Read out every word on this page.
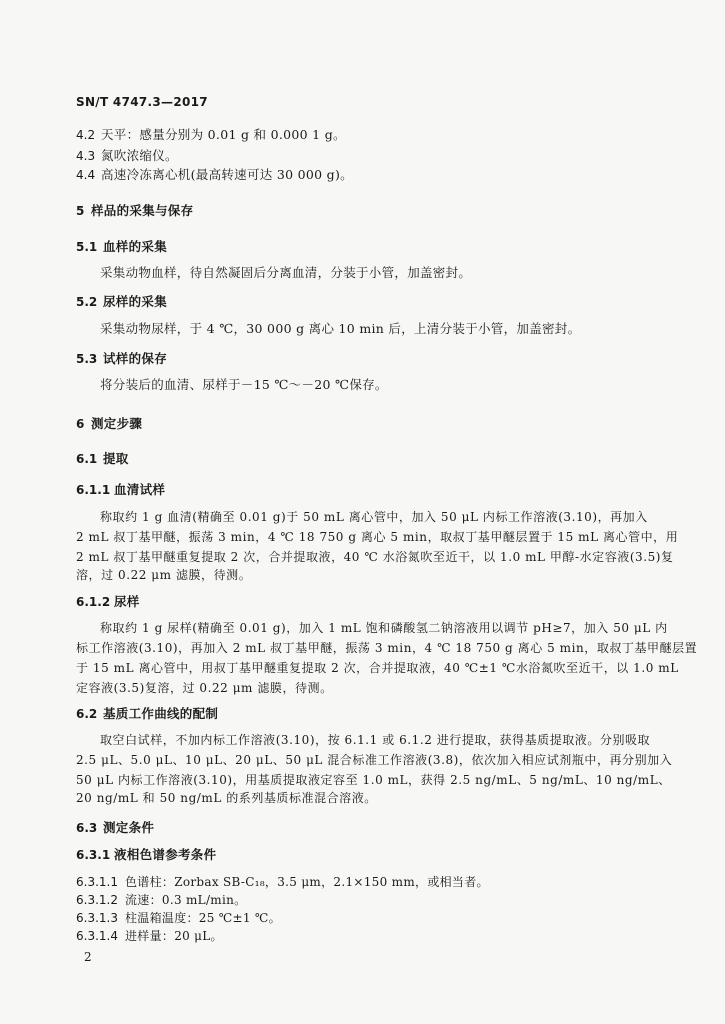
SN/T 4747.3—2017
4.2 天平：感量分别为 0.01 g 和 0.000 1 g。
4.3 氮吹浓缩仪。
4.4 高速冷冻离心机(最高转速可达 30 000 g)。
5 样品的采集与保存
5.1 血样的采集
采集动物血样，待自然凝固后分离血清，分装于小管，加盖密封。
5.2 尿样的采集
采集动物尿样，于 4 ℃，30 000 g 离心 10 min 后，上清分装于小管，加盖密封。
5.3 试样的保存
将分装后的血清、尿样于－15 ℃～－20 ℃保存。
6 测定步骤
6.1 提取
6.1.1 血清试样
称取约 1 g 血清(精确至 0.01 g)于 50 mL 离心管中，加入 50 μL 内标工作溶液(3.10)，再加入
2 mL 叔丁基甲醚，振荡 3 min，4 ℃ 18 750 g 离心 5 min，取叔丁基甲醚层置于 15 mL 离心管中，用
2 mL 叔丁基甲醚重复提取 2 次，合并提取液，40 ℃ 水浴氮吹至近干，以 1.0 mL 甲醇-水定容液(3.5)复
溶，过 0.22 μm 滤膜，待测。
6.1.2 尿样
称取约 1 g 尿样(精确至 0.01 g)，加入 1 mL 饱和磷酸氢二钠溶液用以调节 pH≥7，加入 50 μL 内
标工作溶液(3.10)，再加入 2 mL 叔丁基甲醚，振荡 3 min，4 ℃ 18 750 g 离心 5 min，取叔丁基甲醚层置
于 15 mL 离心管中，用叔丁基甲醚重复提取 2 次，合并提取液，40 ℃±1 ℃水浴氮吹至近干，以 1.0 mL
定容液(3.5)复溶，过 0.22 μm 滤膜，待测。
6.2 基质工作曲线的配制
取空白试样，不加内标工作溶液(3.10)，按 6.1.1 或 6.1.2 进行提取，获得基质提取液。分别吸取
2.5 μL、5.0 μL、10 μL、20 μL、50 μL 混合标准工作溶液(3.8)，依次加入相应试剂瓶中，再分别加入
50 μL 内标工作溶液(3.10)，用基质提取液定容至 1.0 mL，获得 2.5 ng/mL、5 ng/mL、10 ng/mL、
20 ng/mL 和 50 ng/mL 的系列基质标准混合溶液。
6.3 测定条件
6.3.1 液相色谱参考条件
6.3.1.1 色谱柱：Zorbax SB-C₁₈，3.5 μm，2.1×150 mm，或相当者。
6.3.1.2 流速：0.3 mL/min。
6.3.1.3 柱温箱温度：25 ℃±1 ℃。
6.3.1.4 进样量：20 μL。
2
